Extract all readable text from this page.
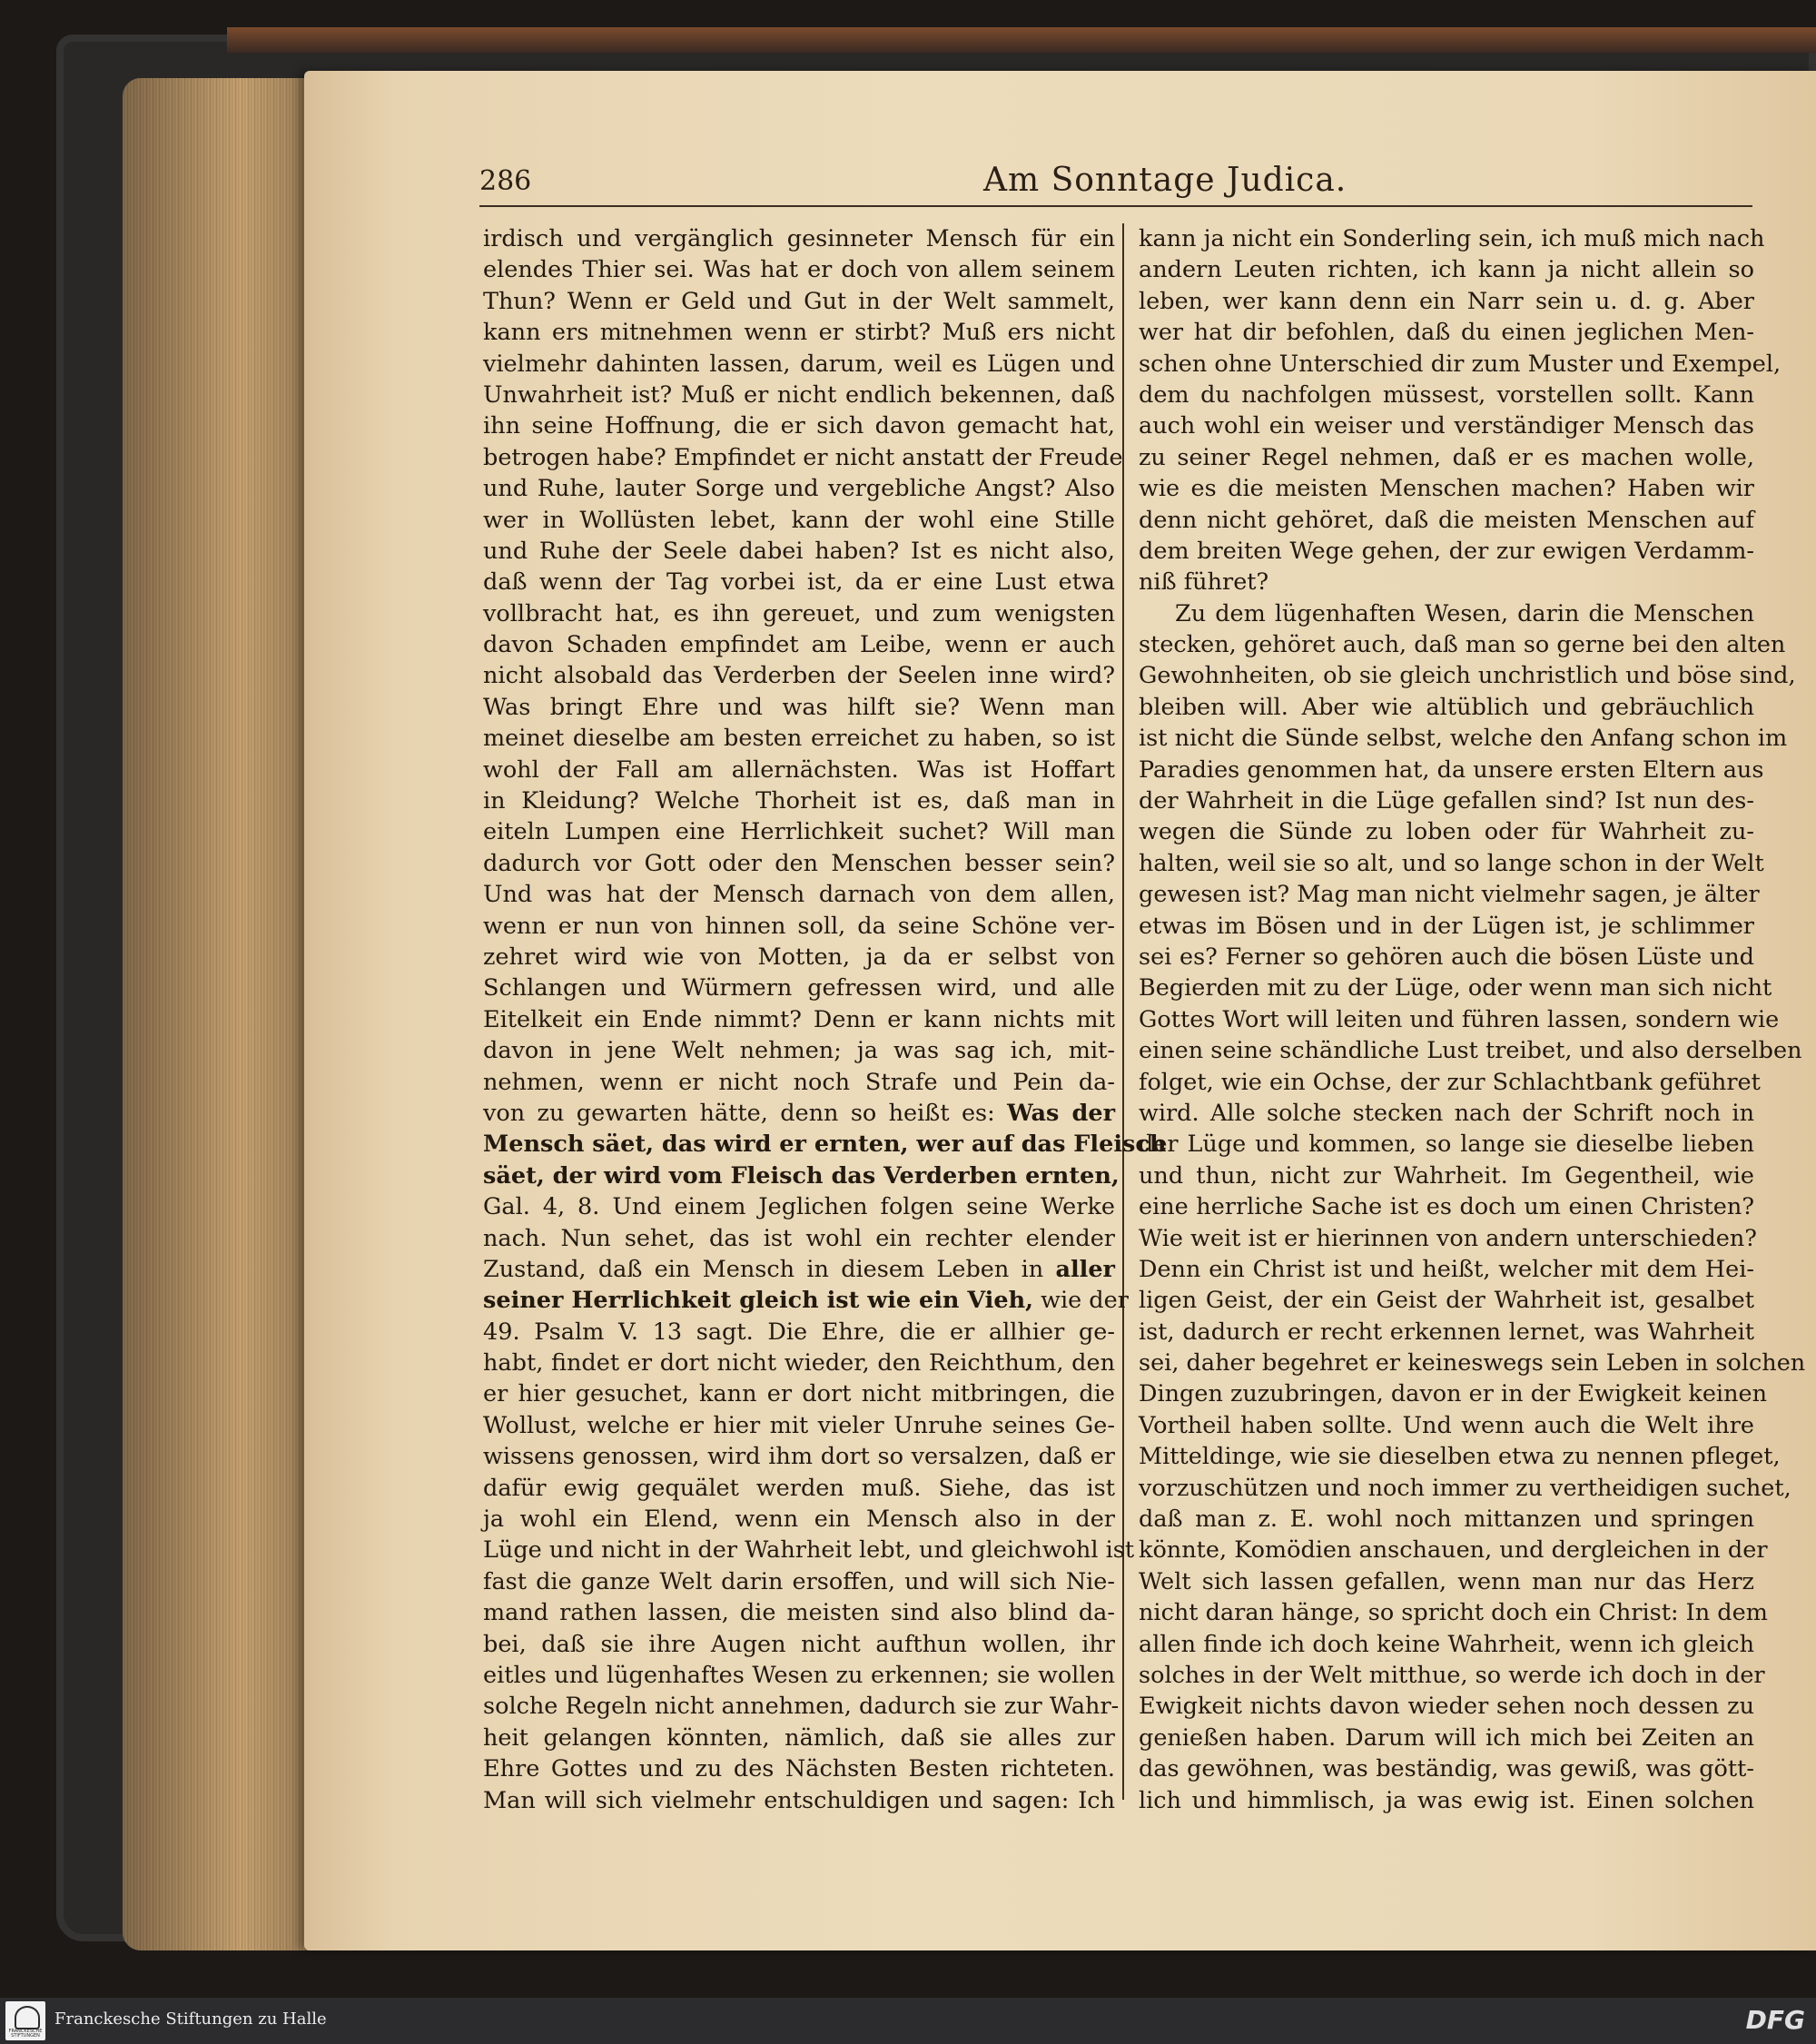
286	Am Sonntage Judica.
irdisch und vergänglich gesinneter Mensch für ein
elendes Thier sei. Was hat er doch von allem seinem
Thun? Wenn er Geld und Gut in der Welt sammelt,
kann ers mitnehmen wenn er stirbt? Muß ers nicht
vielmehr dahinten lassen, darum, weil es Lügen und
Unwahrheit ist? Muß er nicht endlich bekennen, daß
ihn seine Hoffnung, die er sich davon gemacht hat,
betrogen habe? Empfindet er nicht anstatt der Freude
und Ruhe, lauter Sorge und vergebliche Angst? Also
wer in Wollüsten lebet, kann der wohl eine Stille
und Ruhe der Seele dabei haben? Ist es nicht also,
daß wenn der Tag vorbei ist, da er eine Lust etwa
vollbracht hat, es ihn gereuet, und zum wenigsten
davon Schaden empfindet am Leibe, wenn er auch
nicht alsobald das Verderben der Seelen inne wird?
Was bringt Ehre und was hilft sie? Wenn man
meinet dieselbe am besten erreichet zu haben, so ist
wohl der Fall am allernächsten. Was ist Hoffart
in Kleidung? Welche Thorheit ist es, daß man in
eiteln Lumpen eine Herrlichkeit suchet? Will man
dadurch vor Gott oder den Menschen besser sein?
Und was hat der Mensch darnach von dem allen,
wenn er nun von hinnen soll, da seine Schöne ver-
zehret wird wie von Motten, ja da er selbst von
Schlangen und Würmern gefressen wird, und alle
Eitelkeit ein Ende nimmt? Denn er kann nichts mit
davon in jene Welt nehmen; ja was sag ich, mit-
nehmen, wenn er nicht noch Strafe und Pein da-
von zu gewarten hätte, denn so heißt es: Was der
Mensch säet, das wird er ernten, wer auf das Fleisch
säet, der wird vom Fleisch das Verderben ernten,
Gal. 4, 8. Und einem Jeglichen folgen seine Werke
nach. Nun sehet, das ist wohl ein rechter elender
Zustand, daß ein Mensch in diesem Leben in aller
seiner Herrlichkeit gleich ist wie ein Vieh, wie der
49. Psalm V. 13 sagt. Die Ehre, die er allhier ge-
habt, findet er dort nicht wieder, den Reichthum, den
er hier gesuchet, kann er dort nicht mitbringen, die
Wollust, welche er hier mit vieler Unruhe seines Ge-
wissens genossen, wird ihm dort so versalzen, daß er
dafür ewig gequälet werden muß. Siehe, das ist
ja wohl ein Elend, wenn ein Mensch also in der
Lüge und nicht in der Wahrheit lebt, und gleichwohl ist
fast die ganze Welt darin ersoffen, und will sich Nie-
mand rathen lassen, die meisten sind also blind da-
bei, daß sie ihre Augen nicht aufthun wollen, ihr
eitles und lügenhaftes Wesen zu erkennen; sie wollen
solche Regeln nicht annehmen, dadurch sie zur Wahr-
heit gelangen könnten, nämlich, daß sie alles zur
Ehre Gottes und zu des Nächsten Besten richteten.
Man will sich vielmehr entschuldigen und sagen: Ich
kann ja nicht ein Sonderling sein, ich muß mich nach
andern Leuten richten, ich kann ja nicht allein so
leben, wer kann denn ein Narr sein u. d. g. Aber
wer hat dir befohlen, daß du einen jeglichen Men-
schen ohne Unterschied dir zum Muster und Exempel,
dem du nachfolgen müssest, vorstellen sollt. Kann
auch wohl ein weiser und verständiger Mensch das
zu seiner Regel nehmen, daß er es machen wolle,
wie es die meisten Menschen machen? Haben wir
denn nicht gehöret, daß die meisten Menschen auf
dem breiten Wege gehen, der zur ewigen Verdamm-
niß führet?
Zu dem lügenhaften Wesen, darin die Menschen
stecken, gehöret auch, daß man so gerne bei den alten
Gewohnheiten, ob sie gleich unchristlich und böse sind,
bleiben will. Aber wie altüblich und gebräuchlich
ist nicht die Sünde selbst, welche den Anfang schon im
Paradies genommen hat, da unsere ersten Eltern aus
der Wahrheit in die Lüge gefallen sind? Ist nun des-
wegen die Sünde zu loben oder für Wahrheit zu-
halten, weil sie so alt, und so lange schon in der Welt
gewesen ist? Mag man nicht vielmehr sagen, je älter
etwas im Bösen und in der Lügen ist, je schlimmer
sei es? Ferner so gehören auch die bösen Lüste und
Begierden mit zu der Lüge, oder wenn man sich nicht
Gottes Wort will leiten und führen lassen, sondern wie
einen seine schändliche Lust treibet, und also derselben
folget, wie ein Ochse, der zur Schlachtbank geführet
wird. Alle solche stecken nach der Schrift noch in
der Lüge und kommen, so lange sie dieselbe lieben
und thun, nicht zur Wahrheit. Im Gegentheil, wie
eine herrliche Sache ist es doch um einen Christen?
Wie weit ist er hierinnen von andern unterschieden?
Denn ein Christ ist und heißt, welcher mit dem Hei-
ligen Geist, der ein Geist der Wahrheit ist, gesalbet
ist, dadurch er recht erkennen lernet, was Wahrheit
sei, daher begehret er keineswegs sein Leben in solchen
Dingen zuzubringen, davon er in der Ewigkeit keinen
Vortheil haben sollte. Und wenn auch die Welt ihre
Mitteldinge, wie sie dieselben etwa zu nennen pfleget,
vorzuschützen und noch immer zu vertheidigen suchet,
daß man z. E. wohl noch mittanzen und springen
könnte, Komödien anschauen, und dergleichen in der
Welt sich lassen gefallen, wenn man nur das Herz
nicht daran hänge, so spricht doch ein Christ: In dem
allen finde ich doch keine Wahrheit, wenn ich gleich
solches in der Welt mitthue, so werde ich doch in der
Ewigkeit nichts davon wieder sehen noch dessen zu
genießen haben. Darum will ich mich bei Zeiten an
das gewöhnen, was beständig, was gewiß, was gött-
lich und himmlisch, ja was ewig ist. Einen solchen
FRANCKESCHE STIFTUNGEN
Franckesche Stiftungen zu Halle	DFG
